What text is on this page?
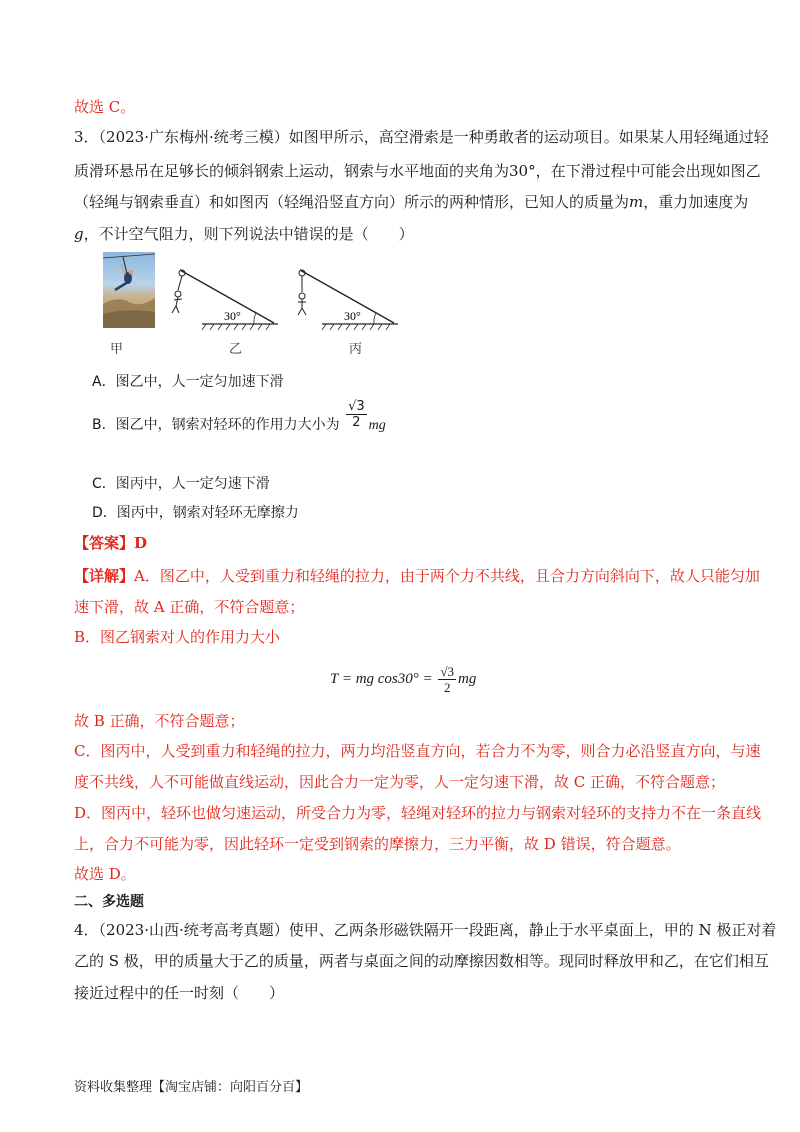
故选 C。
3．（2023·广东梅州·统考三模）如图甲所示，高空滑索是一种勇敢者的运动项目。如果某人用轻绳通过轻
质滑环悬吊在足够长的倾斜钢索上运动，钢索与水平地面的夹角为30°，在下滑过程中可能会出现如图乙
（轻绳与钢索垂直）和如图丙（轻绳沿竖直方向）所示的两种情形，已知人的质量为m，重力加速度为
g，不计空气阻力，则下列说法中错误的是（　　）
30°	30°
甲	乙	丙
A．图乙中，人一定匀加速下滑
B．图乙中，钢索对轻环的作用力大小为 $\frac{√3}{2}$ mg
C．图丙中，人一定匀速下滑
D．图丙中，钢索对轻环无摩擦力
【答案】D
【详解】A．图乙中，人受到重力和轻绳的拉力，由于两个力不共线，且合力方向斜向下，故人只能匀加
速下滑，故 A 正确，不符合题意；
B．图乙钢索对人的作用力大小
T = mg $\cos 30^\circ = \frac{√3}{2}$ mg
故 B 正确，不符合题意；
C．图丙中，人受到重力和轻绳的拉力，两力均沿竖直方向，若合力不为零，则合力必沿竖直方向，与速
度不共线，人不可能做直线运动，因此合力一定为零，人一定匀速下滑，故 C 正确，不符合题意；
D．图丙中，轻环也做匀速运动，所受合力为零，轻绳对轻环的拉力与钢索对轻环的支持力不在一条直线
上，合力不可能为零，因此轻环一定受到钢索的摩擦力，三力平衡，故 D 错误，符合题意。
故选 D。
二、多选题
4．（2023·山西·统考高考真题）使甲、乙两条形磁铁隔开一段距离，静止于水平桌面上，甲的 N 极正对着
乙的 S 极，甲的质量大于乙的质量，两者与桌面之间的动摩擦因数相等。现同时释放甲和乙，在它们相互
接近过程中的任一时刻（　　）
资料收集整理【淘宝店铺：向阳百分百】
